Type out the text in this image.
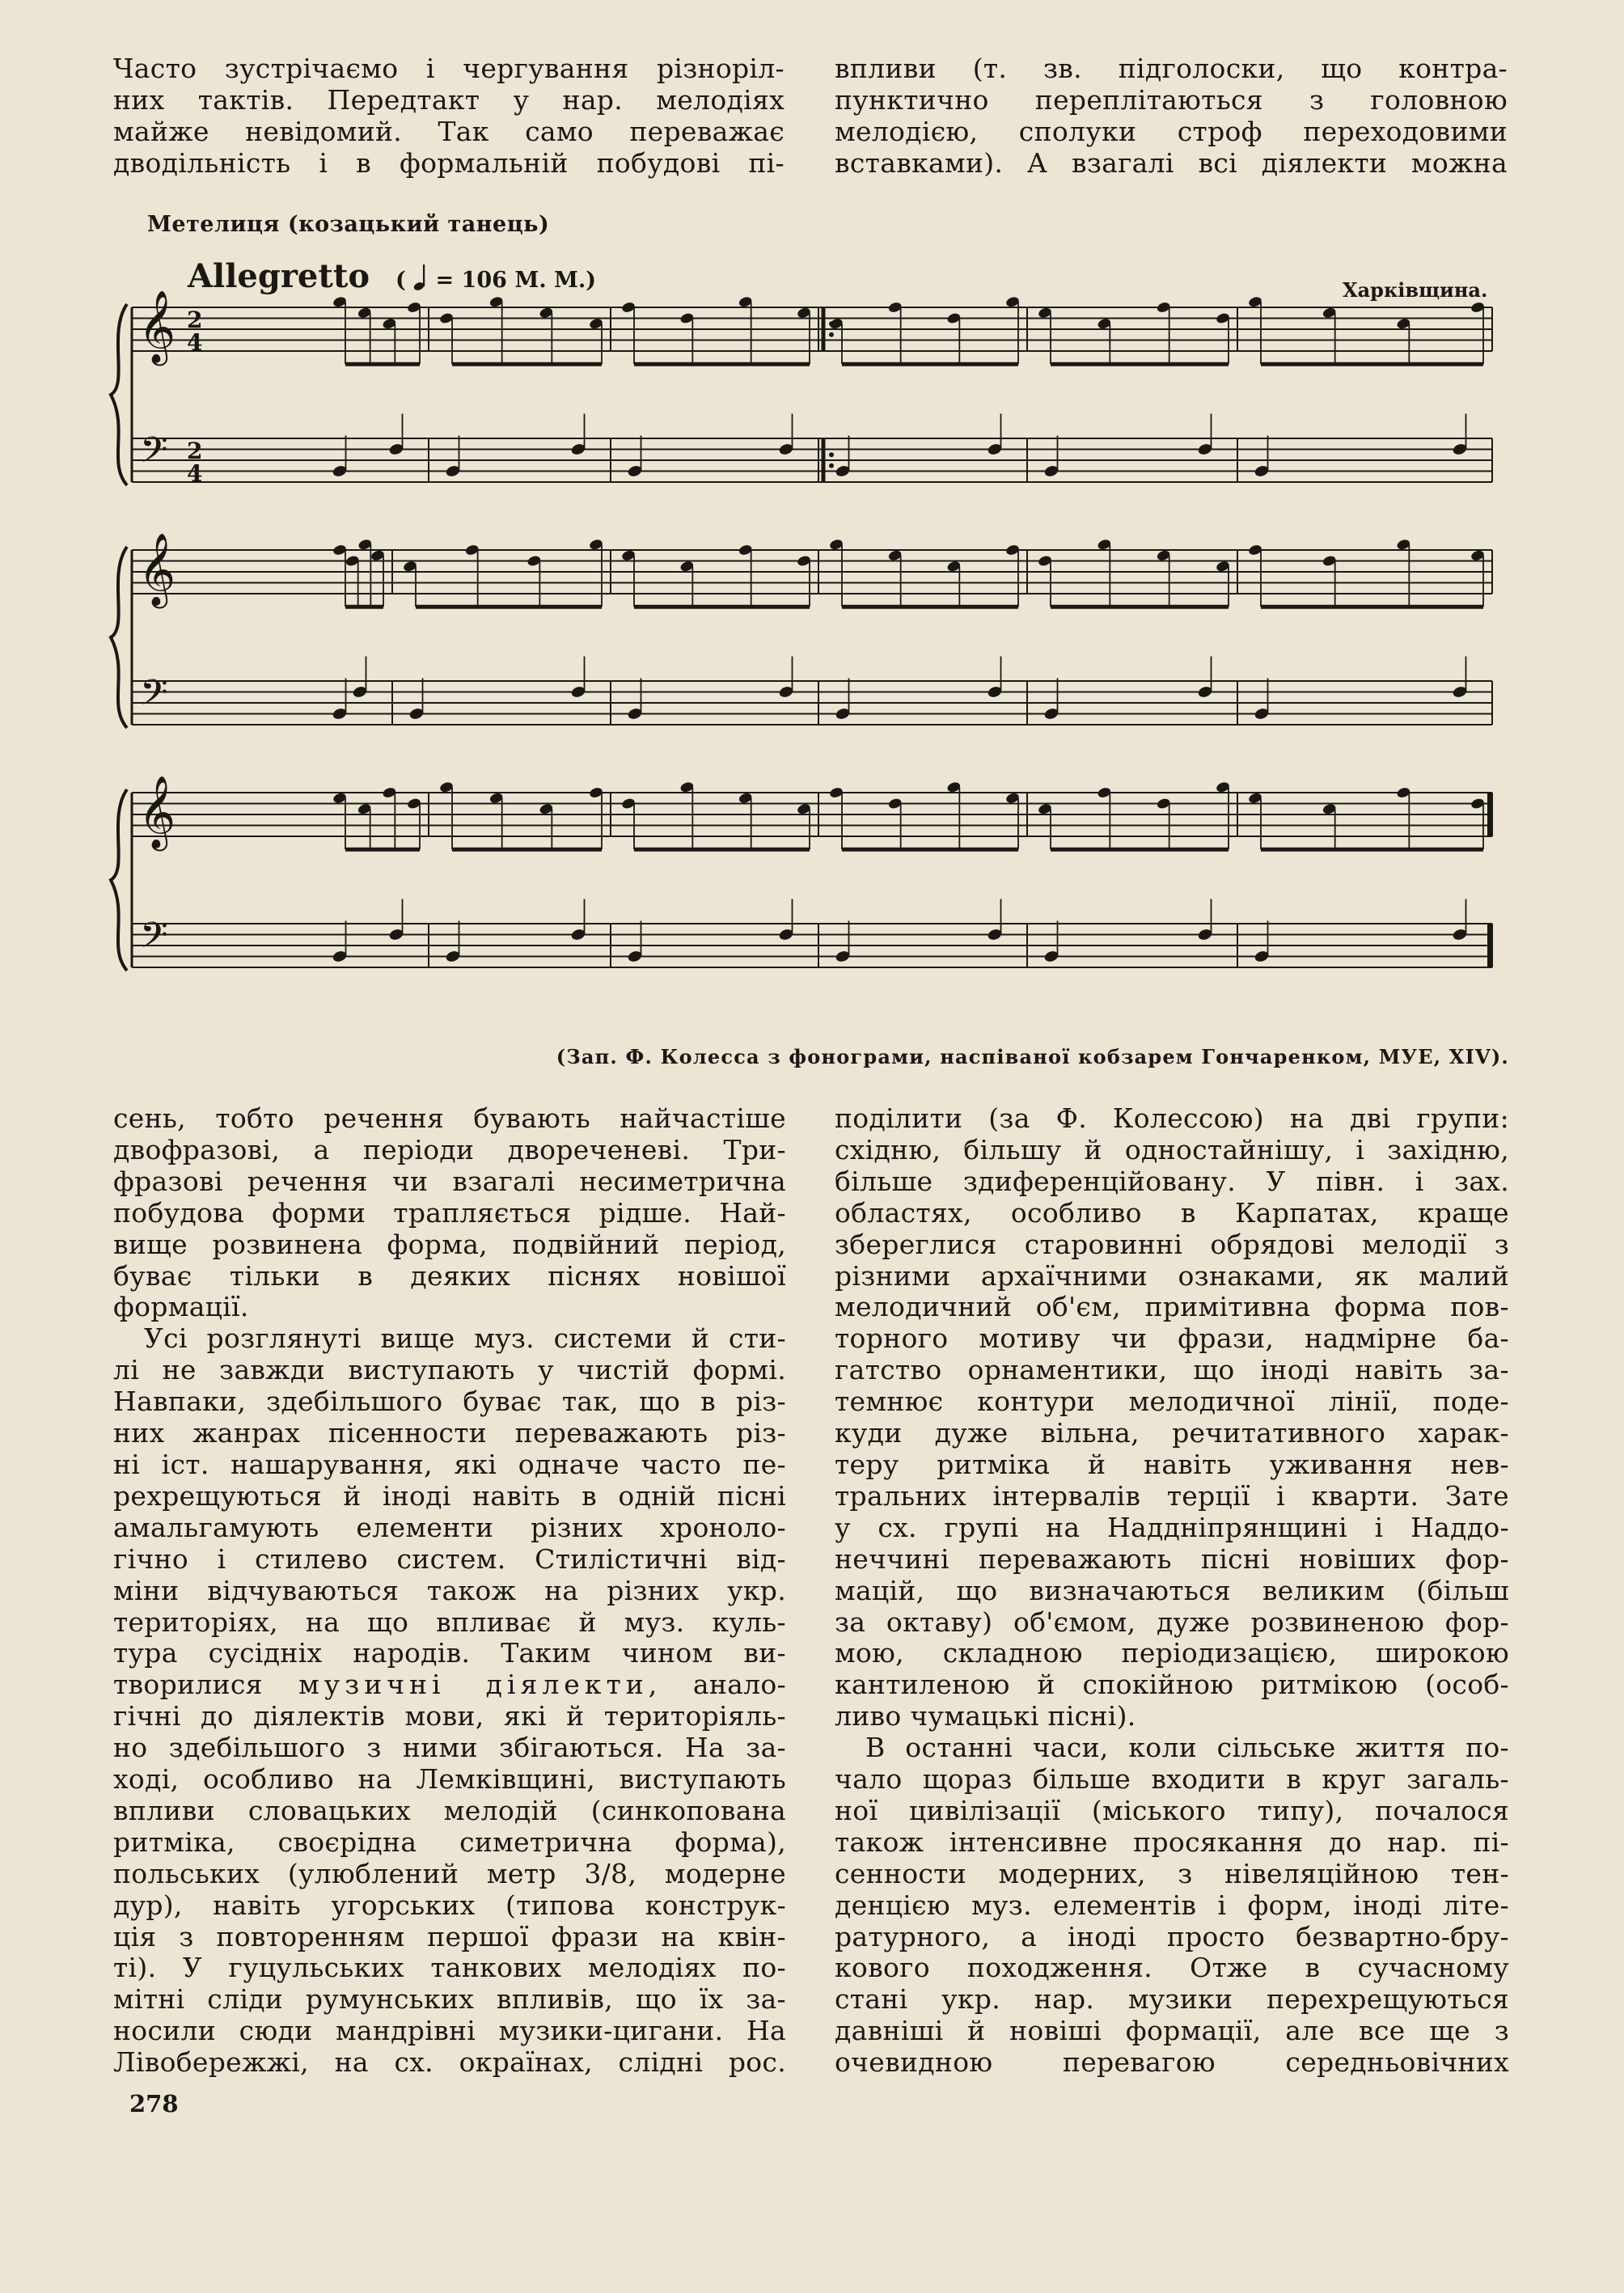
Часто зустрічаємо і чергування різноріл-
них тактів. Передтакт у нар. мелодіях
майже невідомий. Так само переважає
дводільність і в формальній побудові пі-
впливи (т. зв. підголоски, що контра-
пунктично переплітаються з головною
мелодією, сполуки строф переходовими
вставками). А взагалі всі діялекти можна
Метелиця (козацький танець)
Allegretto ( = 106 М. М.)	Харківщина.
𝄞
𝄢
2
4
2
4
𝄞
𝄢
𝄞
𝄢
(Зап. Ф. Колесса з фонограми, наспіваної кобзарем Гончаренком, МУЕ, XIV).
сень, тобто речення бувають найчастіше
двофразові, а періоди двореченеві. Три-
фразові речення чи взагалі несиметрична
побудова форми трапляється рідше. Най-
вище розвинена форма, подвійний період,
буває тільки в деяких піснях новішої
формації.
Усі розглянуті вище муз. системи й сти-
лі не завжди виступають у чистій формі.
Навпаки, здебільшого буває так, що в різ-
них жанрах пісенности переважають різ-
ні іст. нашарування, які одначе часто пе-
рехрещуються й іноді навіть в одній пісні
амальгамують елементи різних хроноло-
гічно і стилево систем. Стилістичні від-
міни відчуваються також на різних укр.
територіях, на що впливає й муз. куль-
тура сусідніх народів. Таким чином ви-
творилися музичні діялекти, анало-
гічні до діялектів мови, які й територіяль-
но здебільшого з ними збігаються. На за-
ході, особливо на Лемківщині, виступають
впливи словацьких мелодій (синкопована
ритміка, своєрідна симетрична форма),
польських (улюблений метр 3/8, модерне
дур), навіть угорських (типова конструк-
ція з повторенням першої фрази на квін-
ті). У гуцульських танкових мелодіях по-
мітні сліди румунських впливів, що їх за-
носили сюди мандрівні музики-цигани. На
Лівобережжі, на сх. окраїнах, слідні рос.
поділити (за Ф. Колессою) на дві групи:
східню, більшу й одностайнішу, і західню,
більше здиференційовану. У півн. і зах.
областях, особливо в Карпатах, краще
збереглися старовинні обрядові мелодії з
різними архаїчними ознаками, як малий
мелодичний об'єм, примітивна форма пов-
торного мотиву чи фрази, надмірне ба-
гатство орнаментики, що іноді навіть за-
темнює контури мелодичної лінії, поде-
куди дуже вільна, речитативного харак-
теру ритміка й навіть уживання нев-
тральних інтервалів терції і кварти. Зате
у сх. групі на Наддніпрянщині і Наддо-
неччині переважають пісні новіших фор-
мацій, що визначаються великим (більш
за октаву) об'ємом, дуже розвиненою фор-
мою, складною періодизацією, широкою
кантиленою й спокійною ритмікою (особ-
ливо чумацькі пісні).
В останні часи, коли сільське життя по-
чало щораз більше входити в круг загаль-
ної цивілізації (міського типу), почалося
також інтенсивне просякання до нар. пі-
сенности модерних, з нівеляційною тен-
денцією муз. елементів і форм, іноді літе-
ратурного, а іноді просто безвартно-бру-
кового походження. Отже в сучасному
стані укр. нар. музики перехрещуються
давніші й новіші формації, але все ще з
очевидною перевагою середньовічних
278
